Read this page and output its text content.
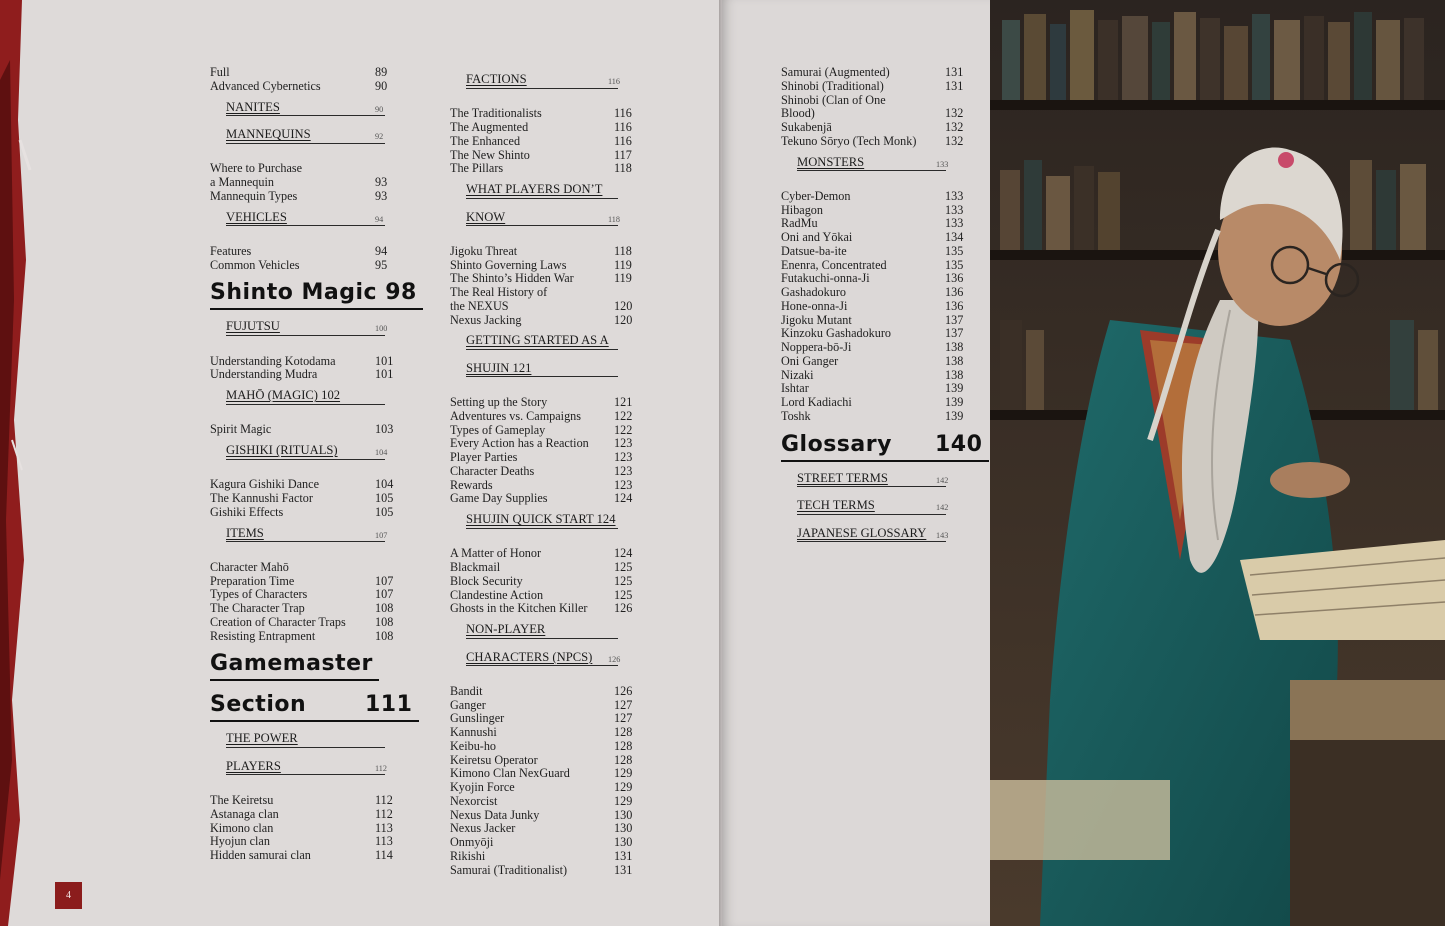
Full	89
Advanced Cybernetics	90
NANITES	90
MANNEQUINS	92
Where to Purchase
a Mannequin	93
Mannequin Types	93
VEHICLES	94
Features	94
Common Vehicles	95
Shinto Magic 98
FUJUTSU	100
Understanding Kotodama	101
Understanding Mudra	101
MAHŌ (MAGIC) 102
Spirit Magic	103
GISHIKI (RITUALS)	104
Kagura Gishiki Dance	104
The Kannushi Factor	105
Gishiki Effects	105
ITEMS	107
Character Mahō
Preparation Time	107
Types of Characters	107
The Character Trap	108
Creation of Character Traps 108
Resisting Entrapment	108
Gamemaster
Section	111
THE POWER
PLAYERS	112
The Keiretsu	112
Astanaga clan	112
Kimono clan	113
Hyojun clan	113
Hidden samurai clan	114
FACTIONS	116
The Traditionalists	116
The Augmented	116
The Enhanced	116
The New Shinto	117
The Pillars	118
WHAT PLAYERS DON’T
KNOW	118
Jigoku Threat	118
Shinto Governing Laws	119
The Shinto’s Hidden War	119
The Real History of
the NEXUS	120
Nexus Jacking	120
GETTING STARTED AS A
SHUJIN 121
Setting up the Story	121
Adventures vs. Campaigns	122
Types of Gameplay	122
Every Action has a Reaction 123
Player Parties	123
Character Deaths	123
Rewards	123
Game Day Supplies	124
SHUJIN QUICK START 124
A Matter of Honor	124
Blackmail	125
Block Security	125
Clandestine Action	125
Ghosts in the Kitchen Killer 126
NON-PLAYER
CHARACTERS (NPCS) 126
Bandit	126
Ganger	127
Gunslinger	127
Kannushi	128
Keibu-ho	128
Keiretsu Operator	128
Kimono Clan NexGuard	129
Kyojin Force	129
Nexorcist	129
Nexus Data Junky	130
Nexus Jacker	130
Onmyōji	130
Rikishi	131
Samurai (Traditionalist)	131
4
Samurai (Augmented)	131
Shinobi (Traditional)	131
Shinobi (Clan of One
Blood)	132
Sukabenjā	132
Tekuno Sōryo (Tech Monk) 132
MONSTERS	133
Cyber-Demon	133
Hibagon	133
RadMu	133
Oni and Yōkai	134
Datsue-ba-ite	135
Enenra, Concentrated	135
Futakuchi-onna-Ji	136
Gashadokuro	136
Hone-onna-Ji	136
Jigoku Mutant	137
Kinzoku Gashadokuro	137
Noppera-bō-Ji	138
Oni Ganger	138
Nizaki	138
Ishtar	139
Lord Kadiachi	139
Toshk	139
Glossary 140
STREET TERMS	142
TECH TERMS	142
JAPANESE GLOSSARY 143
